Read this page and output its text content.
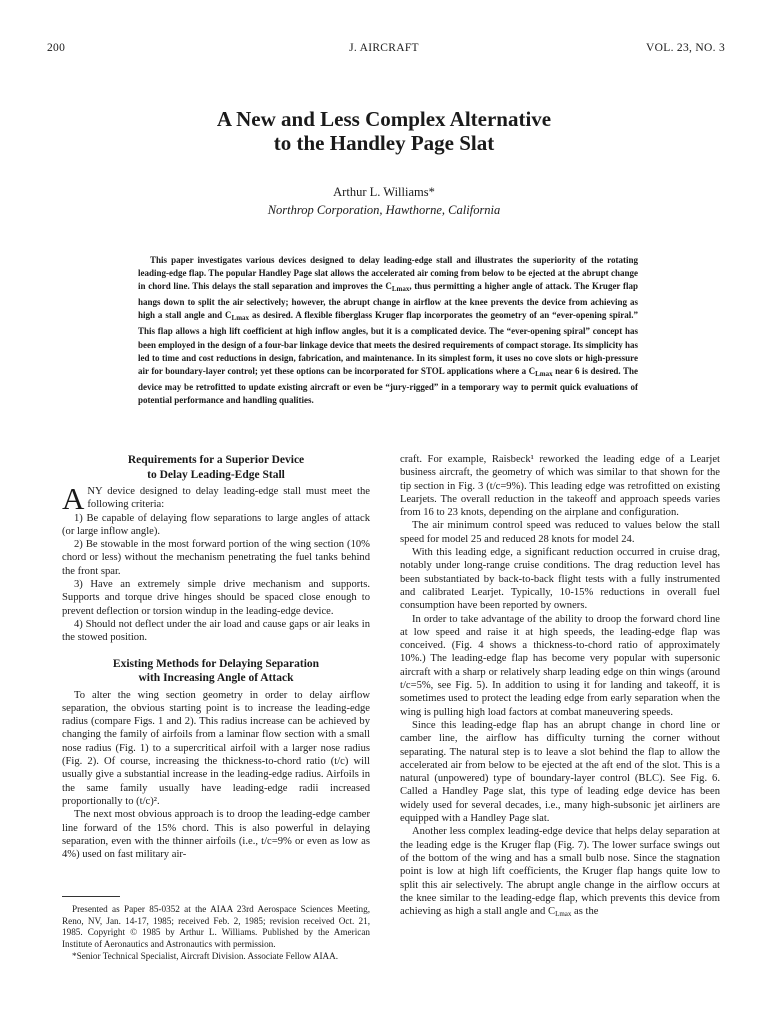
200	J. AIRCRAFT	VOL. 23, NO. 3
A New and Less Complex Alternative
to the Handley Page Slat
Arthur L. Williams*
Northrop Corporation, Hawthorne, California
This paper investigates various devices designed to delay leading-edge stall and illustrates the superiority of the rotating leading-edge flap. The popular Handley Page slat allows the accelerated air coming from below to be ejected at the abrupt change in chord line. This delays the stall separation and improves the $C_{Lmax}$, thus permitting a higher angle of attack. The Kruger flap hangs down to split the air selectively; however, the abrupt change in airflow at the knee prevents the device from achieving as high a stall angle and $C_{Lmax}$ as desired. A flexible fiberglass Kruger flap incorporates the geometry of an “ever-opening spiral.” This flap allows a high lift coefficient at high inflow angles, but it is a complicated device. The “ever-opening spiral” concept has been employed in the design of a four-bar linkage device that meets the desired requirements of compact storage. Its simplicity has led to time and cost reductions in design, fabrication, and maintenance. In its simplest form, it uses no cove slots or high-pressure air for boundary-layer control; yet these options can be incorporated for STOL applications where a $C_{Lmax}$ near 6 is desired. The device may be retrofitted to update existing aircraft or even be “jury-rigged” in a temporary way to permit quick evaluations of potential performance and handling qualities.
Requirements for a Superior Device
to Delay Leading-Edge Stall

ANY device designed to delay leading-edge stall must meet the following criteria:

1) Be capable of delaying flow separations to large angles of attack (or large inflow angle).

2) Be stowable in the most forward portion of the wing section (10% chord or less) without the mechanism penetrating the fuel tanks behind the front spar.

3) Have an extremely simple drive mechanism and supports. Supports and torque drive hinges should be spaced close enough to prevent deflection or torsion windup in the leading-edge device.

4) Should not deflect under the air load and cause gaps or air leaks in the stowed position.

Existing Methods for Delaying Separation
with Increasing Angle of Attack

To alter the wing section geometry in order to delay airflow separation, the obvious starting point is to increase the leading-edge radius (compare Figs. 1 and 2). This radius increase can be achieved by changing the family of airfoils from a laminar flow section with a small nose radius (Fig. 1) to a supercritical airfoil with a larger nose radius (Fig. 2). Of course, increasing the thickness-to-chord ratio (t/c) will usually give a substantial increase in the leading-edge radius. Airfoils in the same family usually have leading-edge radii increased proportionally to (t/c)².

The next most obvious approach is to droop the leading-edge camber line forward of the 15% chord. This is also powerful in delaying separation, even with the thinner airfoils (i.e., t/c=9% or even as low as 4%) used on fast military air-

Presented as Paper 85-0352 at the AIAA 23rd Aerospace Sciences Meeting, Reno, NV, Jan. 14-17, 1985; received Feb. 2, 1985; revision received Oct. 21, 1985. Copyright © 1985 by Arthur L. Williams. Published by the American Institute of Aeronautics and Astronautics with permission.

*Senior Technical Specialist, Aircraft Division. Associate Fellow AIAA.

craft. For example, Raisbeck¹ reworked the leading edge of a Learjet business aircraft, the geometry of which was similar to that shown for the tip section in Fig. 3 (t/c=9%). This leading edge was retrofitted on existing Learjets. The overall reduction in the takeoff and approach speeds varies from 16 to 23 knots, depending on the airplane and configuration.

The air minimum control speed was reduced to values below the stall speed for model 25 and reduced 28 knots for model 24.

With this leading edge, a significant reduction occurred in cruise drag, notably under long-range cruise conditions. The drag reduction level has been substantiated by back-to-back flight tests with a fully instrumented and calibrated Learjet. Typically, 10-15% reductions in overall fuel consumption have been reported by owners.

In order to take advantage of the ability to droop the forward chord line at low speed and raise it at high speeds, the leading-edge flap was conceived. (Fig. 4 shows a thickness-to-chord ratio of approximately 10%.) The leading-edge flap has become very popular with supersonic aircraft with a sharp or relatively sharp leading edge on thin wings (around t/c=5%, see Fig. 5). In addition to using it for landing and takeoff, it is sometimes used to protect the leading edge from early separation when the wing is pulling high load factors at combat maneuvering speeds.

Since this leading-edge flap has an abrupt change in chord line or camber line, the airflow has difficulty turning the corner without separating. The natural step is to leave a slot behind the flap to allow the accelerated air from below to be ejected at the aft end of the slot. This is a natural (unpowered) type of boundary-layer control (BLC). See Fig. 6. Called a Handley Page slat, this type of leading edge device has been widely used for several decades, i.e., many high-subsonic jet airliners are equipped with a Handley Page slat.

Another less complex leading-edge device that helps delay separation at the leading edge is the Kruger flap (Fig. 7). The lower surface swings out of the bottom of the wing and has a small bulb nose. Since the stagnation point is low at high lift coefficients, the Kruger flap hangs quite low to split this air selectively. The abrupt angle change in the airflow occurs at the knee similar to the leading-edge flap, which prevents this device from achieving as high a stall angle and $C_{Lmax}$ as the
